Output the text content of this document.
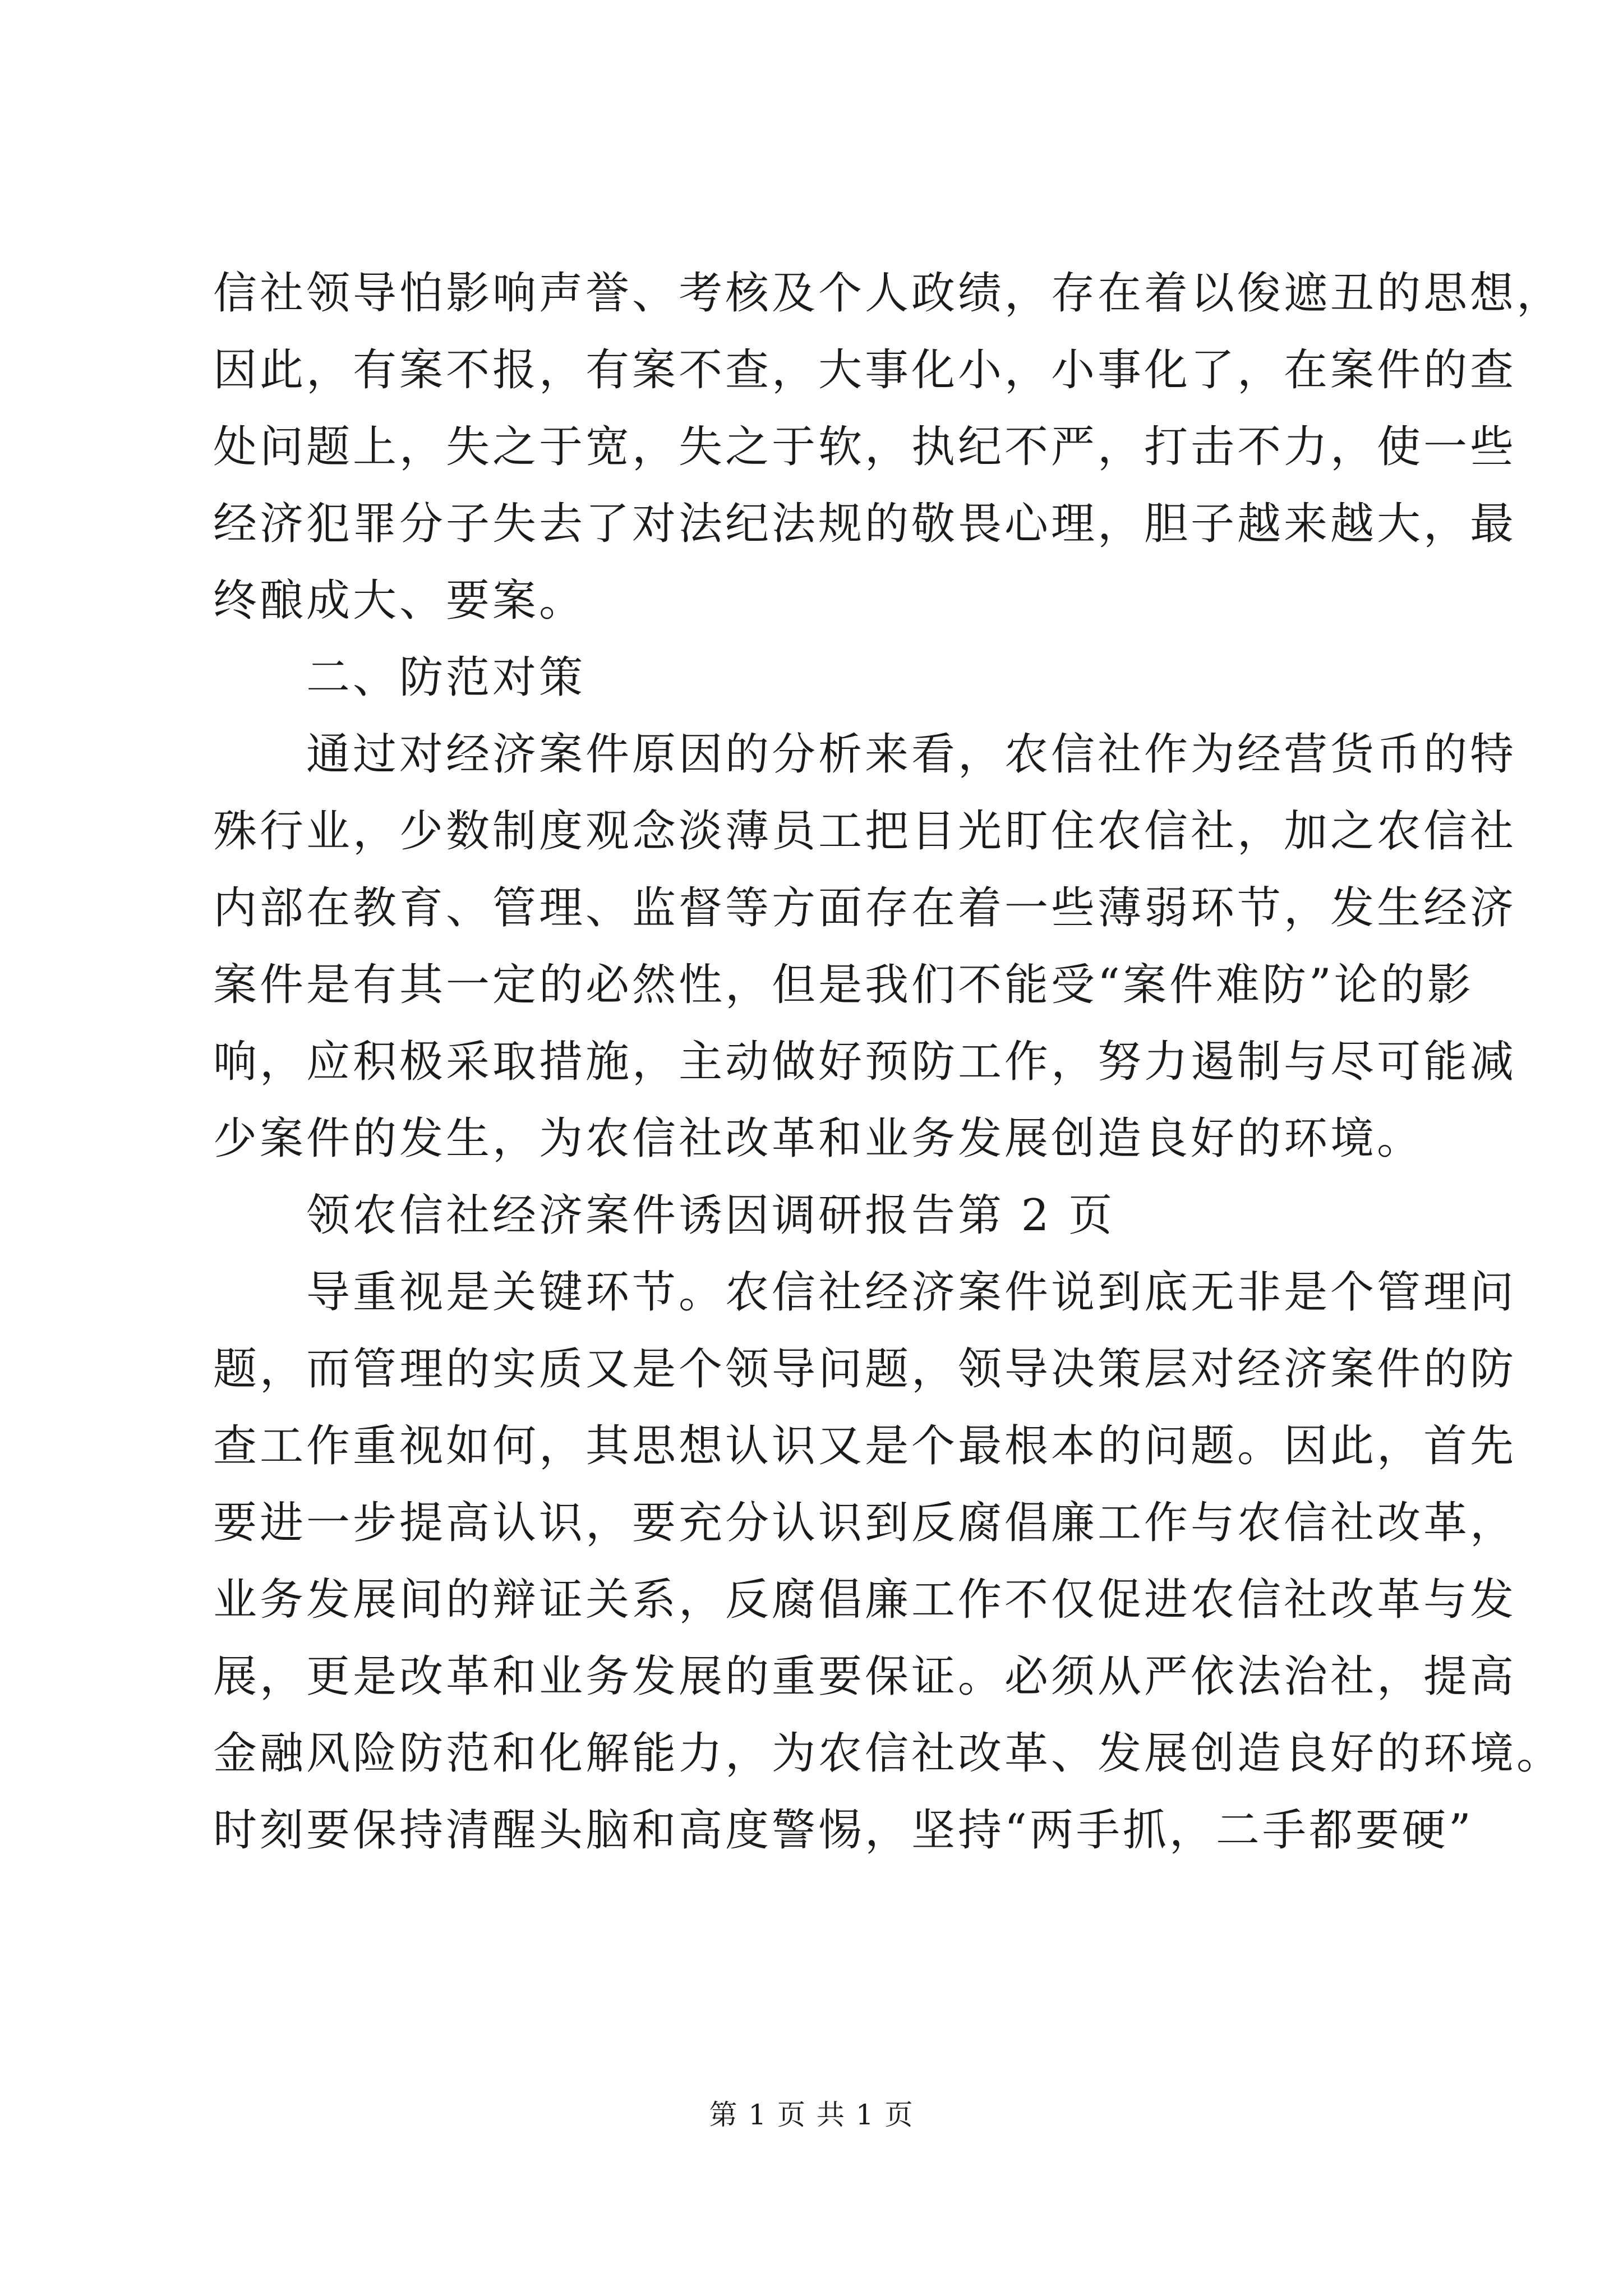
信社领导怕影响声誉、考核及个人政绩，存在着以俊遮丑的思想，
因此，有案不报，有案不查，大事化小，小事化了，在案件的查
处问题上，失之于宽，失之于软，执纪不严，打击不力，使一些
经济犯罪分子失去了对法纪法规的敬畏心理，胆子越来越大，最
终酿成大、要案。
二、防范对策
通过对经济案件原因的分析来看，农信社作为经营货币的特
殊行业，少数制度观念淡薄员工把目光盯住农信社，加之农信社
内部在教育、管理、监督等方面存在着一些薄弱环节，发生经济
案件是有其一定的必然性，但是我们不能受“案件难防”论的影
响，应积极采取措施，主动做好预防工作，努力遏制与尽可能减
少案件的发生，为农信社改革和业务发展创造良好的环境。
领农信社经济案件诱因调研报告第 2 页
导重视是关键环节。农信社经济案件说到底无非是个管理问
题，而管理的实质又是个领导问题，领导决策层对经济案件的防
查工作重视如何，其思想认识又是个最根本的问题。因此，首先
要进一步提高认识，要充分认识到反腐倡廉工作与农信社改革，
业务发展间的辩证关系，反腐倡廉工作不仅促进农信社改革与发
展，更是改革和业务发展的重要保证。必须从严依法治社，提高
金融风险防范和化解能力，为农信社改革、发展创造良好的环境。
时刻要保持清醒头脑和高度警惕，坚持“两手抓，二手都要硬”
第 1 页 共 1 页
